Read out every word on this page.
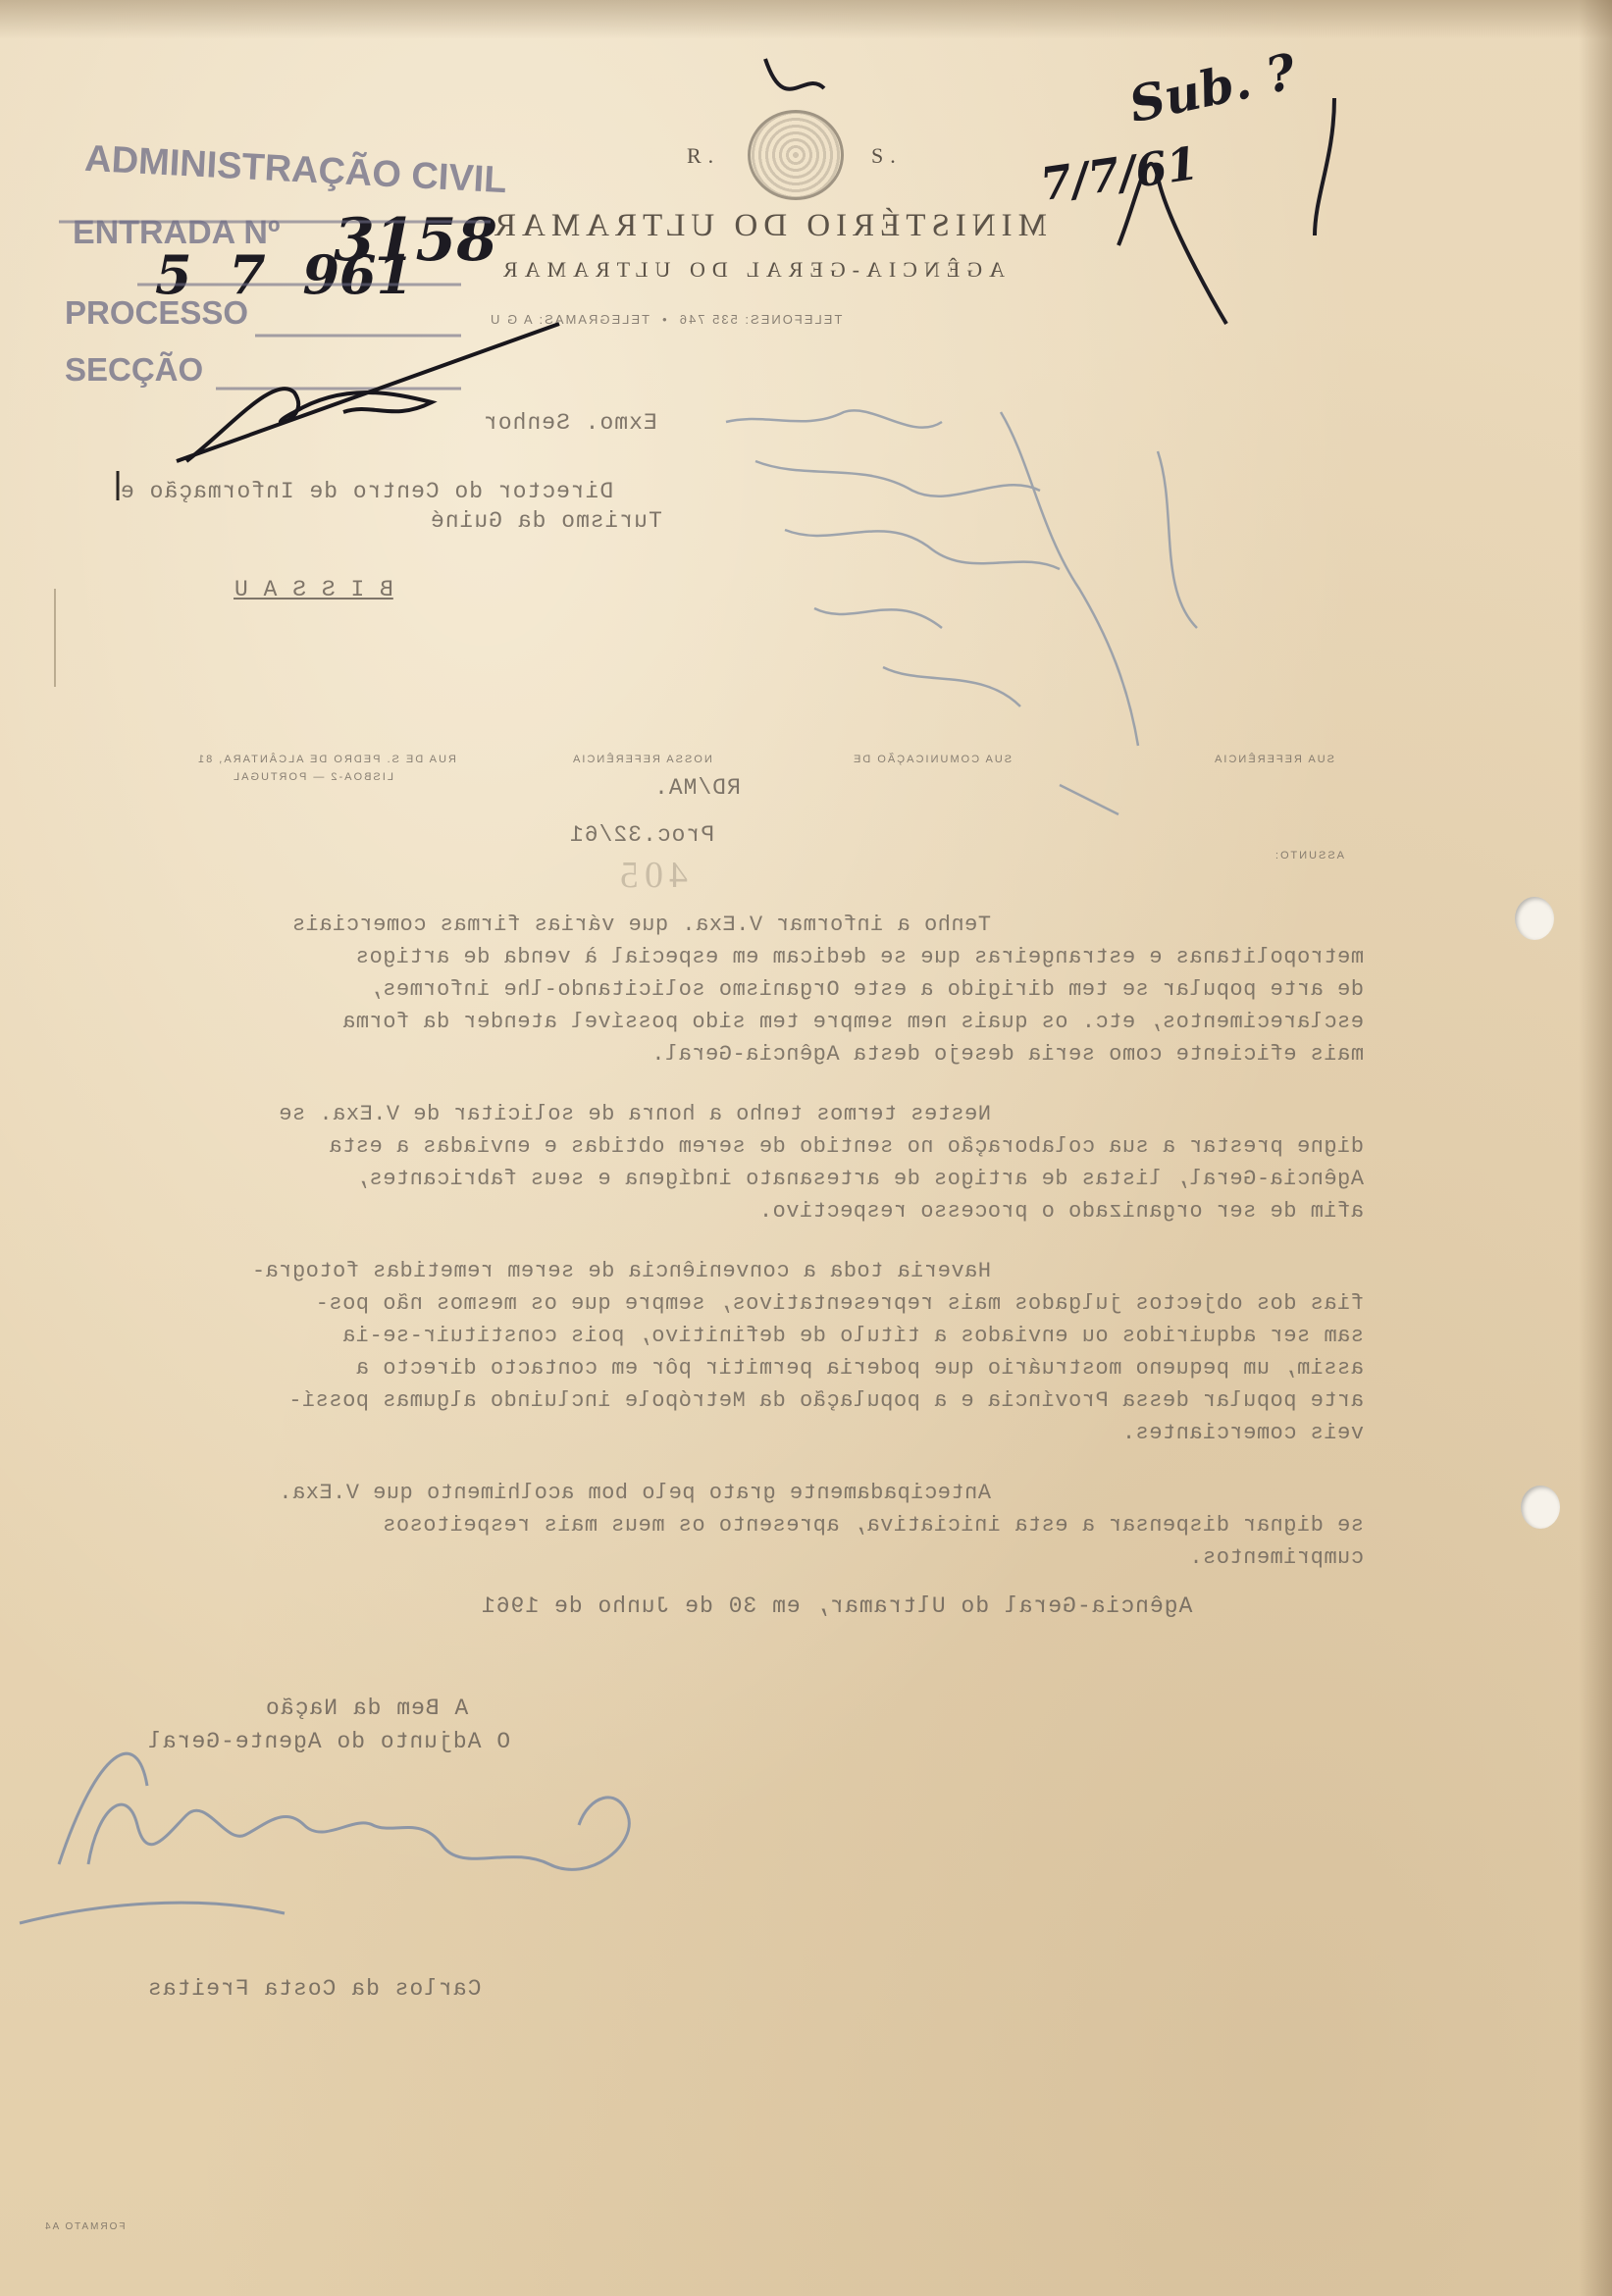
ADMINISTRAÇÃO CIVIL
ENTRADA Nº
PROCESSO
SECÇÃO
3158
5  7  961
R.	S.
MINISTÉRIO DO ULTRAMAR
AGÊNCIA-GERAL DO ULTRAMAR
TELEFONES: 535 746  •  TELEGRAMAS: A G U
Exmo. Senhor
Director do Centro de Informação e
Turismo da Guiné
B I S S A U
SUA REFERÊNCIA
SUA COMUNICAÇÃO DE
NOSSA REFERÊNCIA
RUA DE S. PEDRO DE ALCÂNTARA, 81
LISBOA-2 — PORTUGAL	RD/MA.
Proc.32/61
ASSUNTO:
405
Tenho a informar V.Exa. que várias firmas comerciais
metropolitanas e estrangeiras que se dedicam em especial à venda de artigos
de arte popular se tem dirigido a este Organismo solicitando-lhe informes,
esclarecimentos, etc. os quais nem sempre tem sido possível atender da forma
mais eficiente como seria desejo desta Agência-Geral.
Nestes termos tenho a honra de solicitar de V.Exa. se
digne prestar a sua colaboração no sentido de serem obtidas e enviadas a esta
Agência-Geral, listas de artigos de artesanato indígena e seus fabricantes,
afim de ser organizado o processo respectivo.
Haveria toda a conveniência de serem remetidas fotogra-
fias dos objectos julgados mais representativos, sempre que os mesmos não pos-
sam ser adquiridos ou enviados a título de definitivo, pois constituir-se-ia
assim, um pequeno mostruário que poderia permitir pôr em contacto directo a
arte popular dessa Província e a população da Metrópole incluindo algumas possí-
veis comerciantes.
Antecipadamente grato pelo bom acolhimento que V.Exa.
se dignar dispensar a esta iniciativa, apresento os meus mais respeitosos
cumprimentos.
Agência-Geral do Ultramar, em 30 de Junho de 1961
A Bem da Nação
O Adjunto do Agente-Geral
Carlos da Costa Freitas
FORMATO A4
Sub. ?
7/7/61
